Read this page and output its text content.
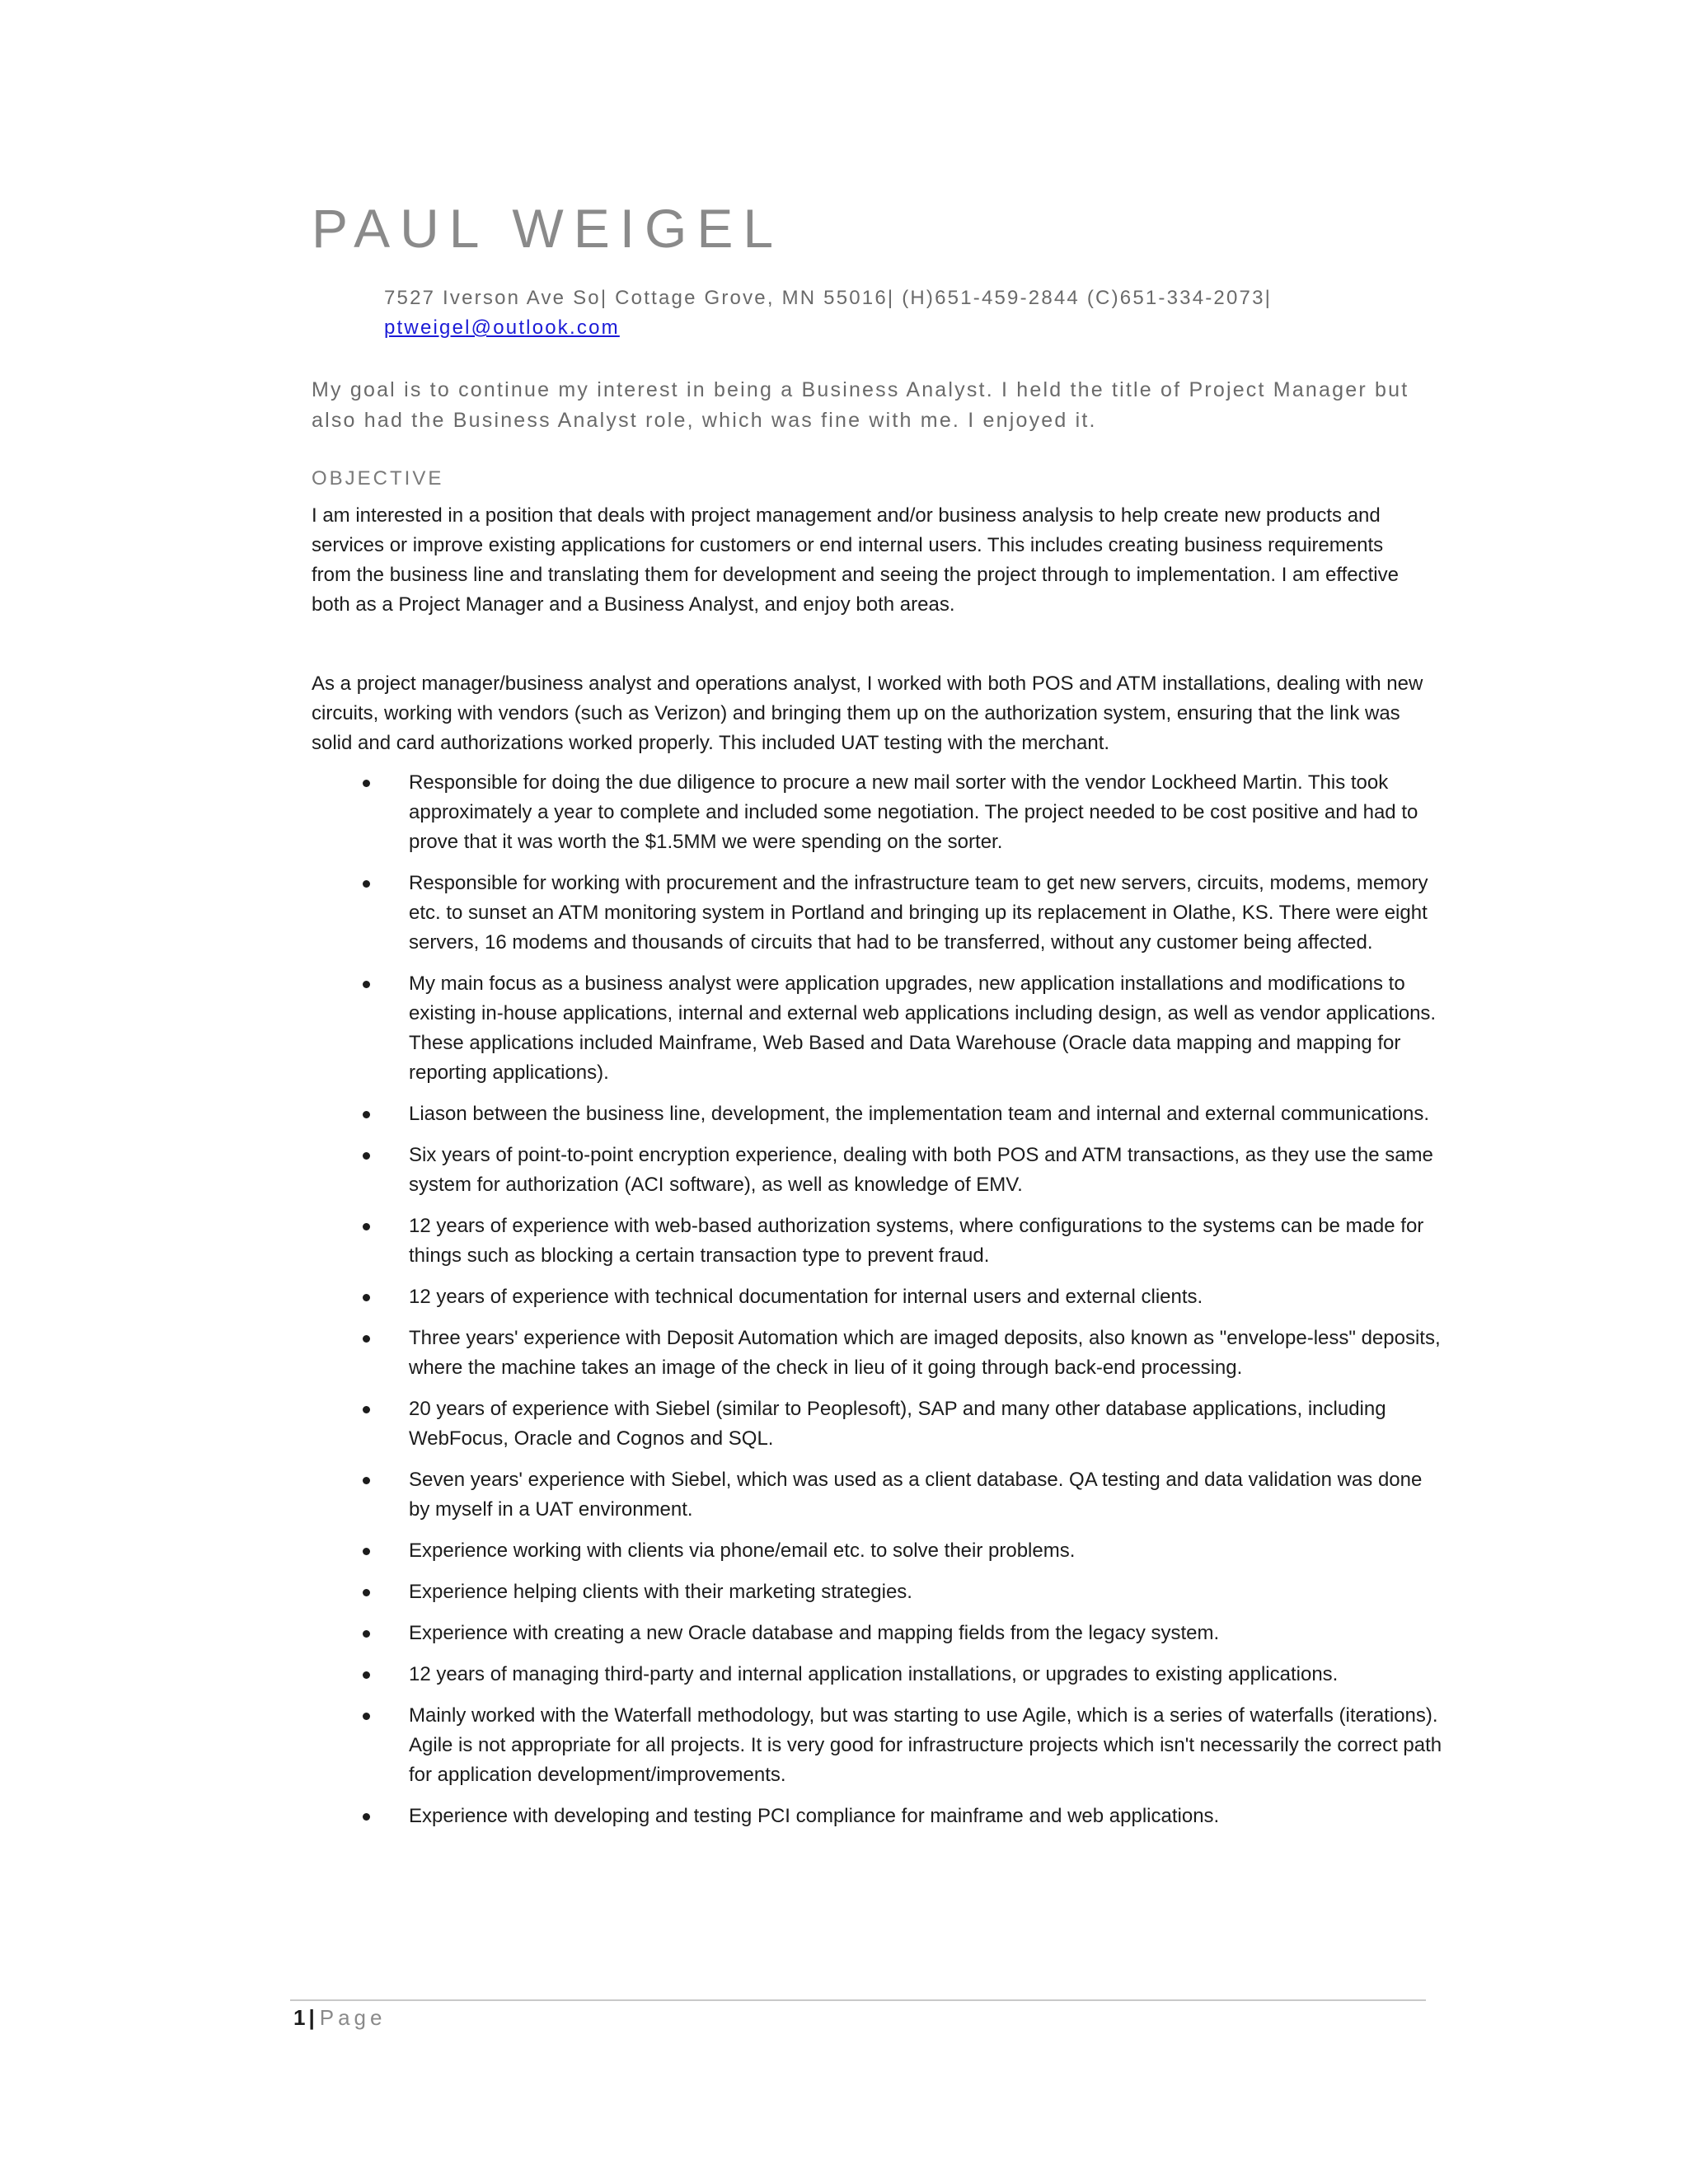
PAUL WEIGEL
7527 Iverson Ave So| Cottage Grove, MN 55016| (H)651-459-2844 (C)651-334-2073|
ptweigel@outlook.com

My goal is to continue my interest in being a Business Analyst. I held the title of Project Manager but also had the Business Analyst role, which was fine with me. I enjoyed it.

OBJECTIVE

I am interested in a position that deals with project management and/or business analysis to help create new products and services or improve existing applications for customers or end internal users. This includes creating business requirements from the business line and translating them for development and seeing the project through to implementation. I am effective both as a Project Manager and a Business Analyst, and enjoy both areas.

As a project manager/business analyst and operations analyst, I worked with both POS and ATM installations, dealing with new circuits, working with vendors (such as Verizon) and bringing them up on the authorization system, ensuring that the link was solid and card authorizations worked properly. This included UAT testing with the merchant.

Responsible for doing the due diligence to procure a new mail sorter with the vendor Lockheed Martin. This took approximately a year to complete and included some negotiation. The project needed to be cost positive and had to prove that it was worth the $1.5MM we were spending on the sorter.
Responsible for working with procurement and the infrastructure team to get new servers, circuits, modems, memory etc. to sunset an ATM monitoring system in Portland and bringing up its replacement in Olathe, KS. There were eight servers, 16 modems and thousands of circuits that had to be transferred, without any customer being affected.
My main focus as a business analyst were application upgrades, new application installations and modifications to existing in-house applications, internal and external web applications including design, as well as vendor applications. These applications included Mainframe, Web Based and Data Warehouse (Oracle data mapping and mapping for reporting applications).
Liason between the business line, development, the implementation team and internal and external communications.
Six years of point-to-point encryption experience, dealing with both POS and ATM transactions, as they use the same system for authorization (ACI software), as well as knowledge of EMV.
12 years of experience with web-based authorization systems, where configurations to the systems can be made for things such as blocking a certain transaction type to prevent fraud.
12 years of experience with technical documentation for internal users and external clients.
Three years' experience with Deposit Automation which are imaged deposits, also known as "envelope-less" deposits, where the machine takes an image of the check in lieu of it going through back-end processing.
20 years of experience with Siebel (similar to Peoplesoft), SAP and many other database applications, including WebFocus, Oracle and Cognos and SQL.
Seven years' experience with Siebel, which was used as a client database. QA testing and data validation was done by myself in a UAT environment.
Experience working with clients via phone/email etc. to solve their problems.
Experience helping clients with their marketing strategies.
Experience with creating a new Oracle database and mapping fields from the legacy system.
12 years of managing third-party and internal application installations, or upgrades to existing applications.
Mainly worked with the Waterfall methodology, but was starting to use Agile, which is a series of waterfalls (iterations). Agile is not appropriate for all projects. It is very good for infrastructure projects which isn't necessarily the correct path for application development/improvements.
Experience with developing and testing PCI compliance for mainframe and web applications.
1 | Page
